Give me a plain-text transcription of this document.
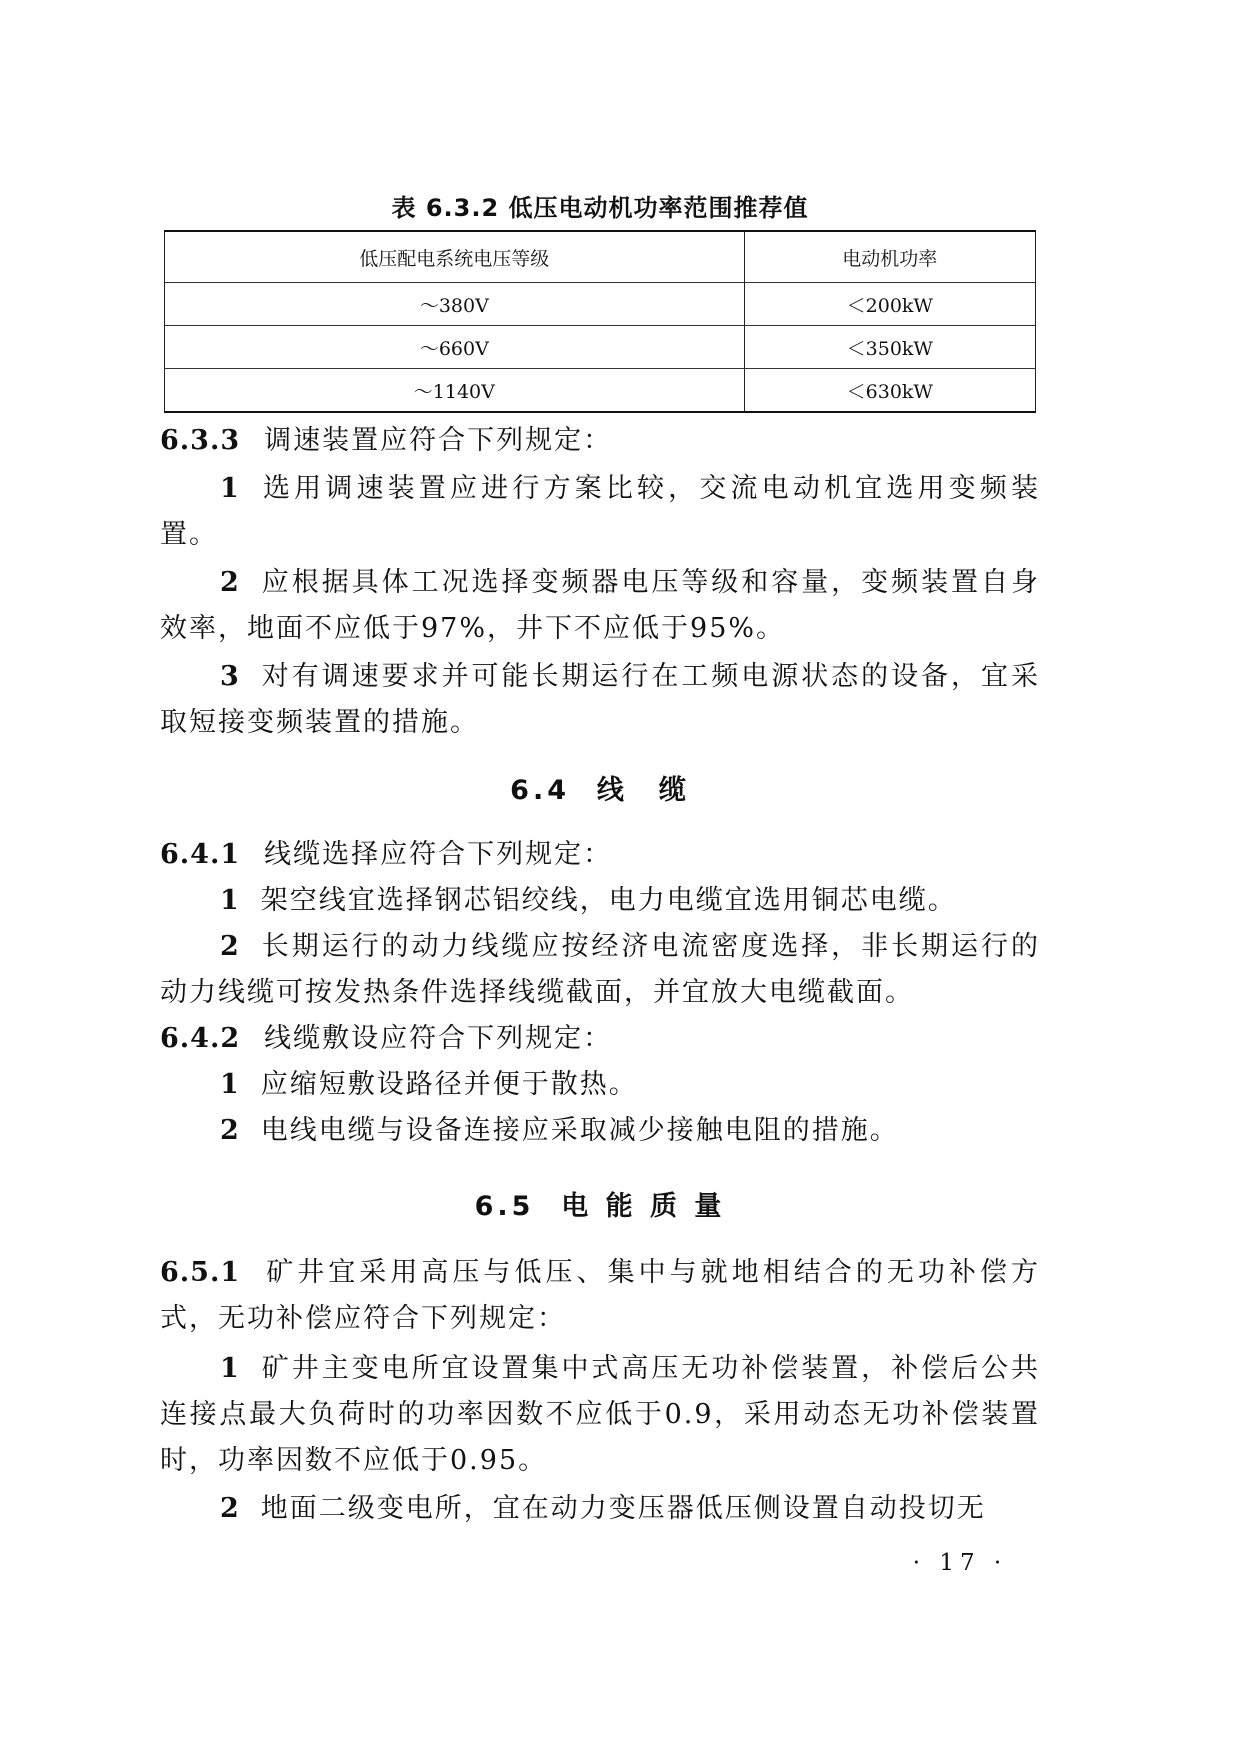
表 6.3.2 低压电动机功率范围推荐值
低压配电系统电压等级	电动机功率
～380V	＜200kW
～660V	＜350kW
～1140V	＜630kW
6.3.3 调速装置应符合下列规定：
1 选用调速装置应进行方案比较，交流电动机宜选用变频装置。
2 应根据具体工况选择变频器电压等级和容量，变频装置自身效率，地面不应低于97%，井下不应低于95%。
3 对有调速要求并可能长期运行在工频电源状态的设备，宜采取短接变频装置的措施。
6.4 线　缆
6.4.1 线缆选择应符合下列规定：
1 架空线宜选择钢芯铝绞线，电力电缆宜选用铜芯电缆。
2 长期运行的动力线缆应按经济电流密度选择，非长期运行的动力线缆可按发热条件选择线缆截面，并宜放大电缆截面。
6.4.2 线缆敷设应符合下列规定：
1 应缩短敷设路径并便于散热。
2 电线电缆与设备连接应采取减少接触电阻的措施。
6.5 电 能 质 量
6.5.1 矿井宜采用高压与低压、集中与就地相结合的无功补偿方式，无功补偿应符合下列规定：
1 矿井主变电所宜设置集中式高压无功补偿装置，补偿后公共连接点最大负荷时的功率因数不应低于0.9，采用动态无功补偿装置时，功率因数不应低于0.95。
2 地面二级变电所，宜在动力变压器低压侧设置自动投切无
· 17 ·
